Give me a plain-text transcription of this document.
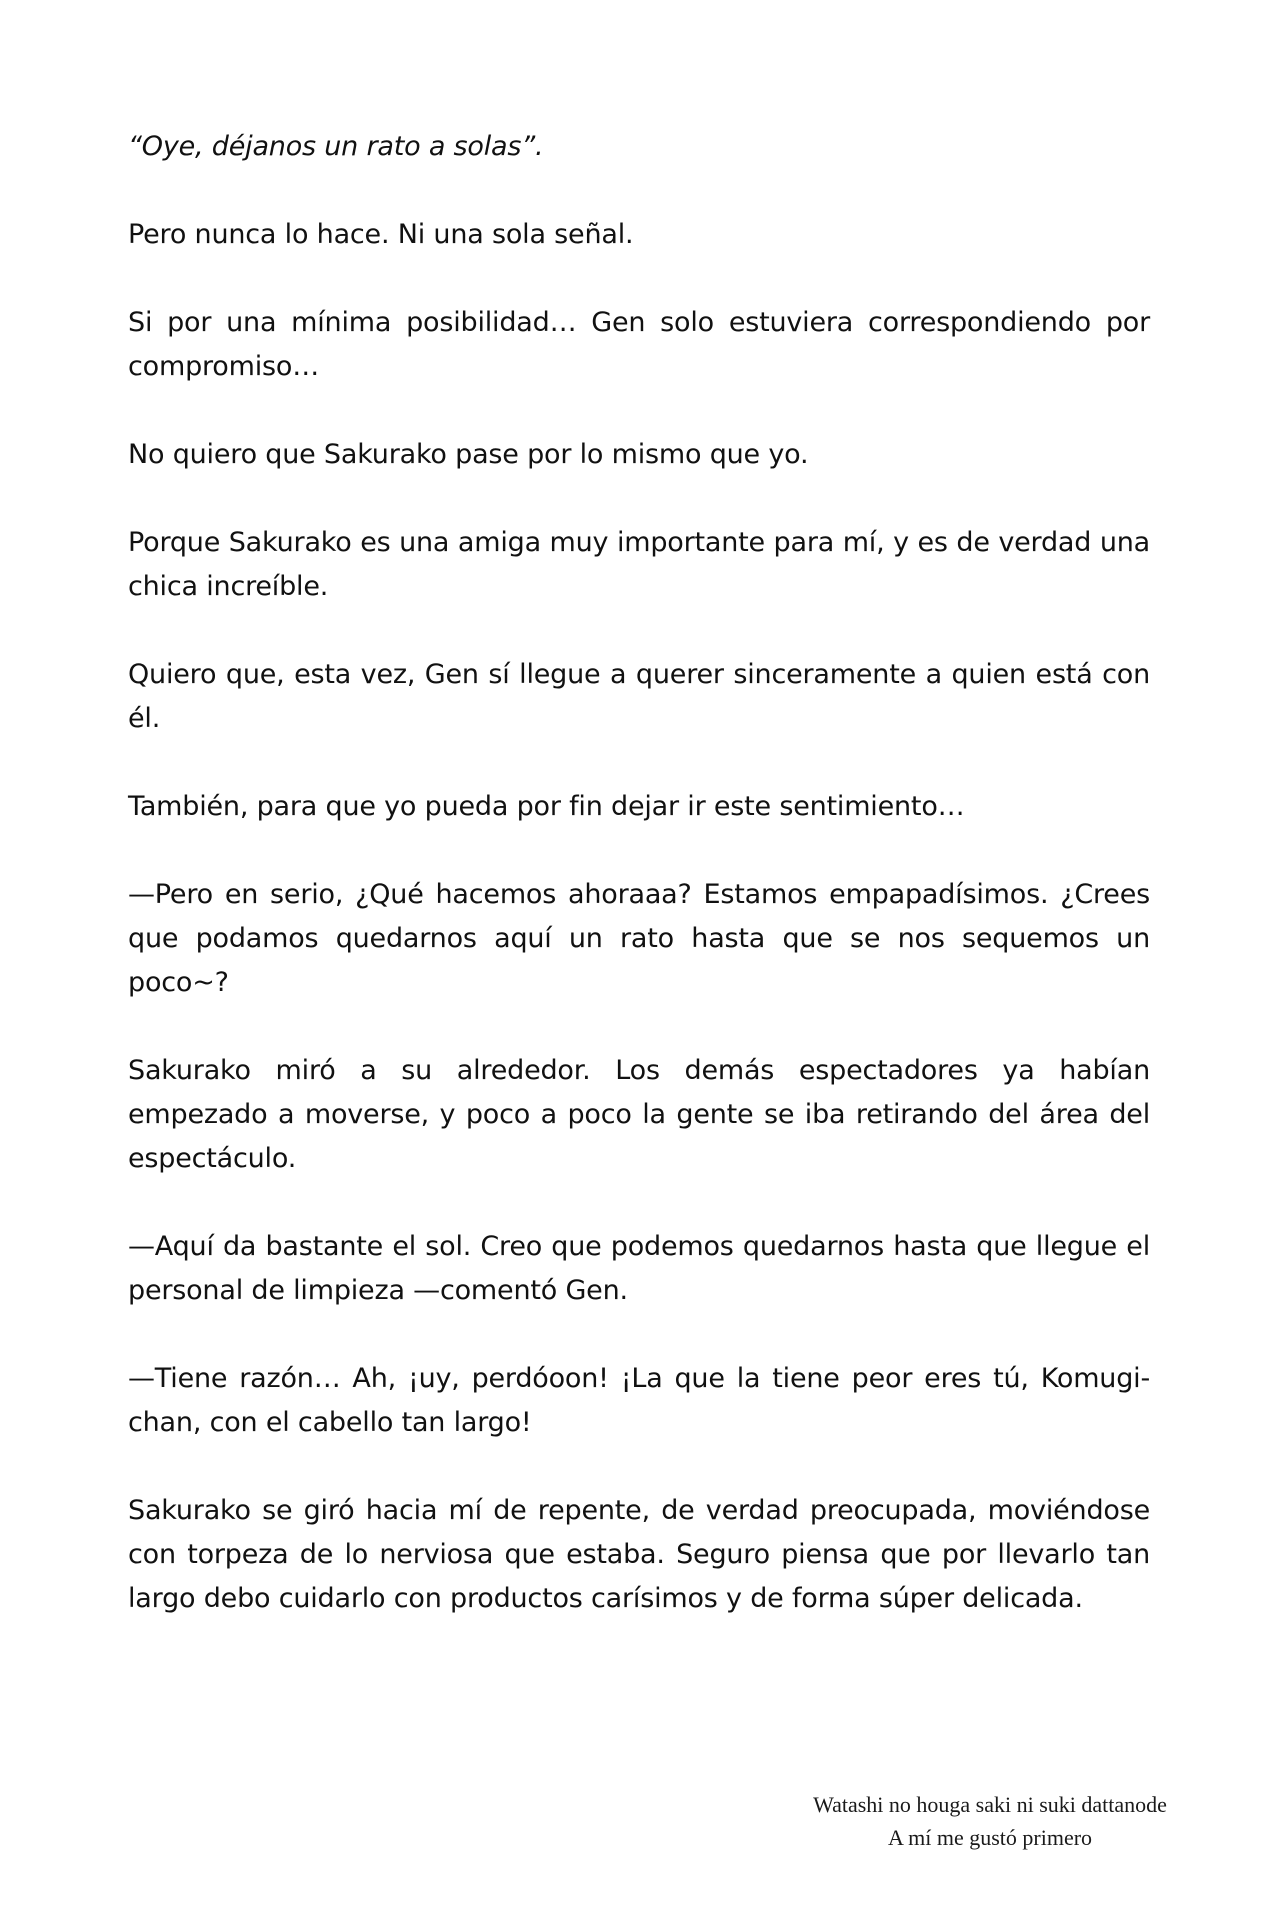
“Oye, déjanos un rato a solas”.

Pero nunca lo hace. Ni una sola señal.

Si por una mínima posibilidad… Gen solo estuviera correspondiendo por compromiso…

No quiero que Sakurako pase por lo mismo que yo.

Porque Sakurako es una amiga muy importante para mí, y es de verdad una chica increíble.

Quiero que, esta vez, Gen sí llegue a querer sinceramente a quien está con él.

También, para que yo pueda por fin dejar ir este sentimiento…

—Pero en serio, ¿Qué hacemos ahoraaa? Estamos empapadísimos. ¿Crees que podamos quedarnos aquí un rato hasta que se nos sequemos un poco~?

Sakurako miró a su alrededor. Los demás espectadores ya habían empezado a moverse, y poco a poco la gente se iba retirando del área del espectáculo.

—Aquí da bastante el sol. Creo que podemos quedarnos hasta que llegue el personal de limpieza —comentó Gen.

—Tiene razón… Ah, ¡uy, perdóoon! ¡La que la tiene peor eres tú, Komugi-chan, con el cabello tan largo!

Sakurako se giró hacia mí de repente, de verdad preocupada, moviéndose con torpeza de lo nerviosa que estaba. Seguro piensa que por llevarlo tan largo debo cuidarlo con productos carísimos y de forma súper delicada.

Watashi no houga saki ni suki dattanode
A mí me gustó primero
